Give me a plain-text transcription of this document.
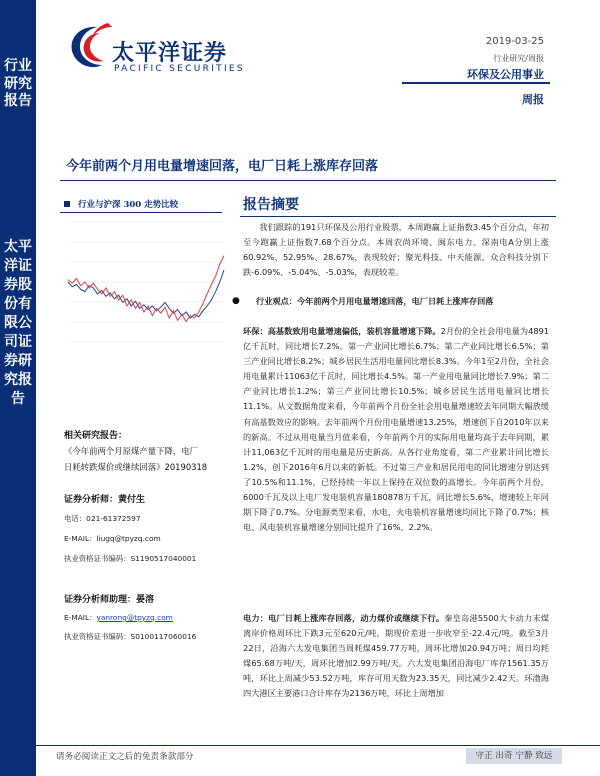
行业研究报告
太平洋证券股份有限公司证券研究报告
太平洋证券
PACIFIC SECURITIES
2019-03-25
行业研究/周报
环保及公用事业
周报
今年前两个月用电量增速回落，电厂日耗上涨库存回落
行业与沪深 300 走势比较
相关研究报告：
《今年前两个月原煤产量下降，电厂
日耗转跌煤价或继续回落》20190318
证券分析师：黄付生
电话：021-61372597
E-MAIL：liugq@tpyzq.com
执业资格证书编码：S1190517040001
证券分析师助理：晏溶
E-MAIL：yanrong@tpyzq.com
执业资格证书编码：S0100117060016
报告摘要
我们跟踪的191只环保及公用行业股票，本周跑赢上证指数3.45个百分点，年初至今跑赢上证指数7.68个百分点。本周农尚环境、闽东电力、深南电A分别上涨60.92%、52.95%、28.67%，表现较好；聚光科技、中天能源、众合科技分别下跌-6.09%、-5.04%、-5.03%，表现较差。
● 行业观点：今年前两个月用电量增速回落，电厂日耗上涨库存回落
环保：高基数致用电量增速偏低，装机容量增速下降。2月份的全社会用电量为4891亿千瓦时，同比增长7.2%。第一产业同比增长6.7%；第二产业同比增长6.5%；第三产业同比增长8.2%；城乡居民生活用电量同比增长8.3%。今年1至2月份，全社会用电量累计11063亿千瓦时，同比增长4.5%。第一产业用电量同比增长7.9%；第二产业同比增长1.2%；第三产业同比增长10.5%；城乡居民生活用电量同比增长11.1%。从文数据角度来看，今年前两个月份全社会用电量增速较去年同期大幅放缓有高基数效应的影响。去年前两个月份用电量增速13.25%，增速创下自2010年以来的新高。不过从用电量当月值来看，今年前两个月的实际用电量均高于去年同期，累计11,063亿千瓦时的用电量是历史新高。从各行业角度看，第二产业累计同比增长1.2%，创下2016年6月以来的新低。不过第三产业和居民用电的同比增速分别达到了10.5%和11.1%，已经持续一年以上保持在双位数的高增长。今年前两个月份，6000千瓦及以上电厂发电装机容量180878万千瓦，同比增长5.6%，增速较上年同期下降了0.7%。分电源类型来看，水电、火电装机容量增速均同比下降了0.7%；核电、风电装机容量增速分别同比提升了16%、2.2%。
电力：电厂日耗上涨库存回落，动力煤价或继续下行。秦皇岛港5500大卡动力末煤离岸价格周环比下跌3元至620元/吨，期现价差进一步收窄至-22.4元/吨。截至3月22日，沿海六大发电集团当周耗煤459.77万吨，周环比增加20.94万吨；周日均耗煤65.68万吨/天，周环比增加2.99万吨/天。六大发电集团沿海电厂库存1561.35万吨，环比上周减少53.52万吨，库存可用天数为23.35天，同比减少2.42天。环渤海四大港区主要港口合计库存为2136万吨，环比上周增加
请务必阅读正文之后的免责条款部分	守正 出奇 宁静 致远
